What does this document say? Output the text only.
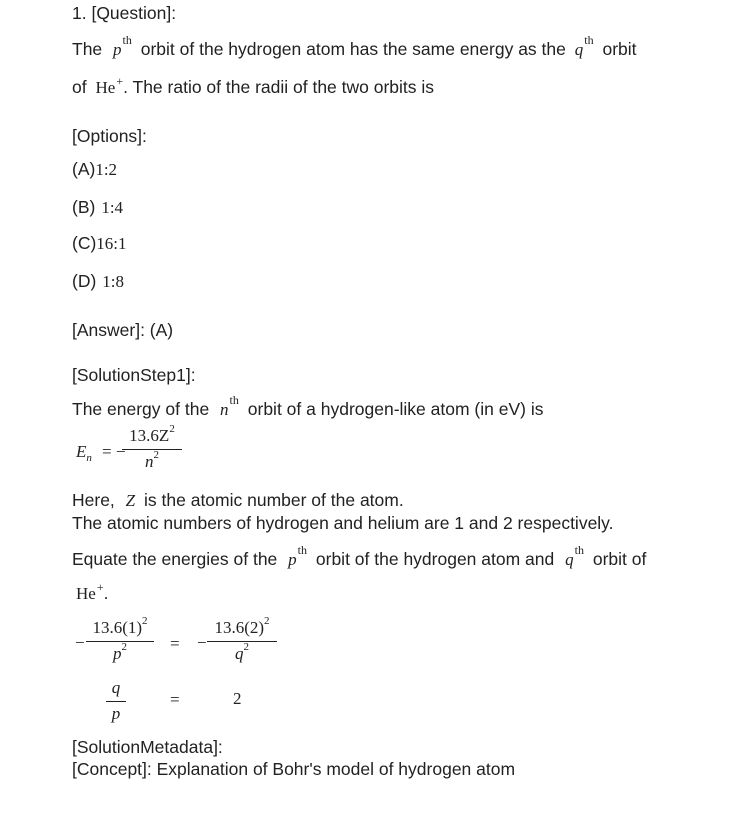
1. [Question]:
The $p^{th}$ orbit of the hydrogen atom has the same energy as the $q^{th}$ orbit
of He+. The ratio of the radii of the two orbits is
[Options]:
(A)1:2
(B) 1:4
(C)16:1
(D) 1:8
[Answer]: (A)
[SolutionStep1]:
The energy of the $n^{th}$ orbit of a hydrogen-like atom (in eV) is
$E_n$ = −
$\frac{13.6Z^2}{n^2}$
Here, Z is the atomic number of the atom.
The atomic numbers of hydrogen and helium are 1 and 2 respectively.
Equate the energies of the $p^{th}$ orbit of the hydrogen atom and $q^{th}$ orbit of
He+.
− $\frac{13.6(1)^2}{p^2}$ = − $\frac{13.6(2)^2}{q^2}$
$\frac{q}{p}$	=	2
[SolutionMetadata]:
[Concept]: Explanation of Bohr's model of hydrogen atom
